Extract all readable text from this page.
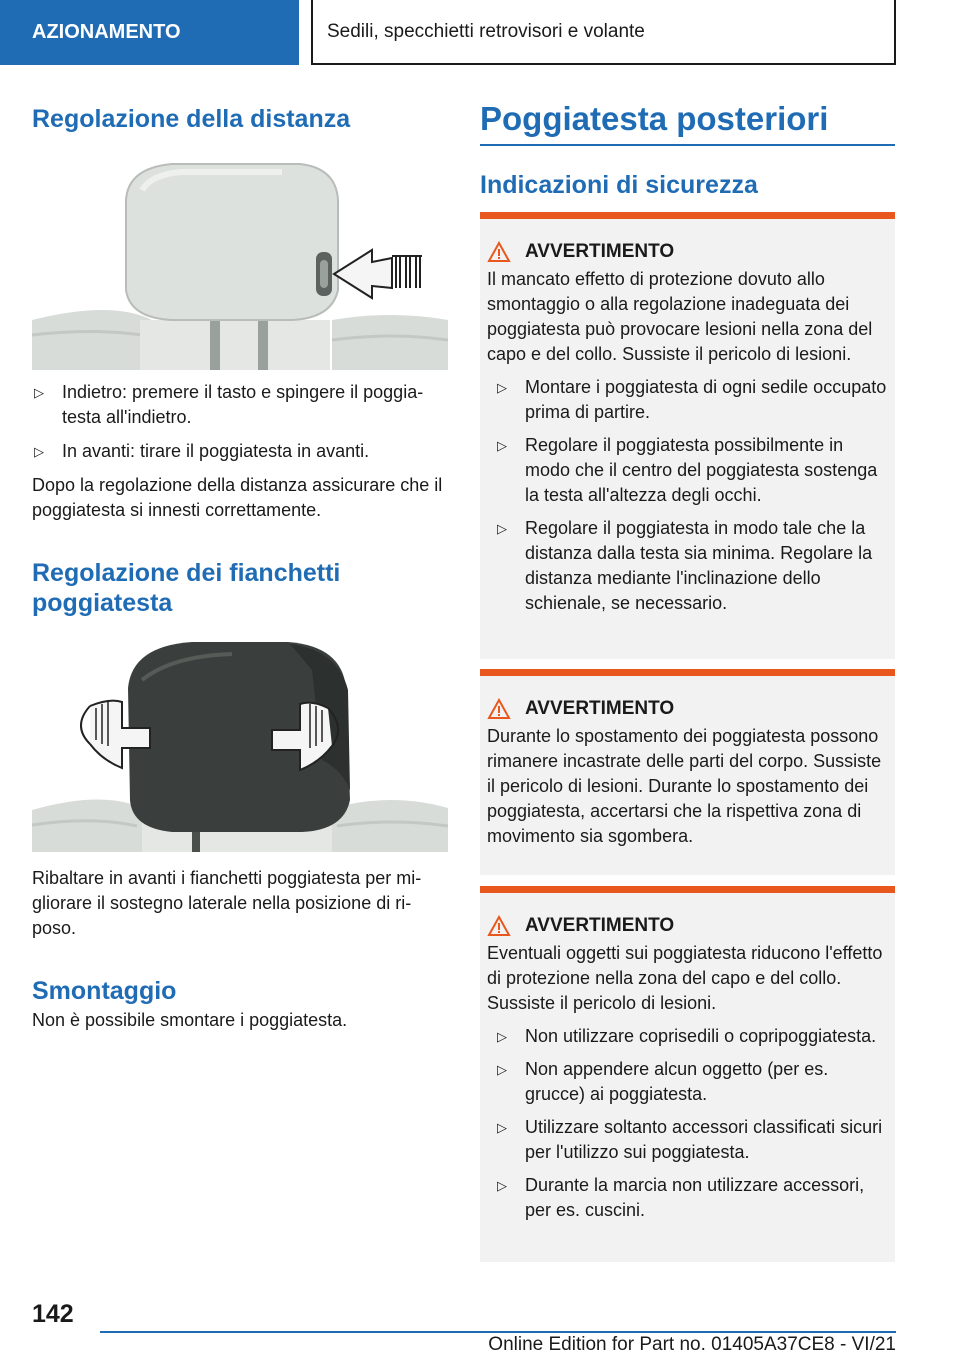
AZIONAMENTO	Sedili, specchietti retrovisori e volante
Regolazione della distanza
▷	Indietro: premere il tasto e spingere il poggiatesta all'indietro.
▷	In avanti: tirare il poggiatesta in avanti.

Dopo la regolazione della distanza assicurare che il poggiatesta si innesti correttamente.

Regolazione dei fianchetti poggiatesta

Ribaltare in avanti i fianchetti poggiatesta per migliorare il sostegno laterale nella posizione di riposo.

Smontaggio

Non è possibile smontare i poggiatesta.

Poggiatesta posteriori
Indicazioni di sicurezza
AVVERTIMENTO

Il mancato effetto di protezione dovuto allo smontaggio o alla regolazione inadeguata dei poggiatesta può provocare lesioni nella zona del capo e del collo. Sussiste il pericolo di lesioni.

▷	Montare i poggiatesta di ogni sedile occupato prima di partire.
▷	Regolare il poggiatesta possibilmente in modo che il centro del poggiatesta sostenga la testa all'altezza degli occhi.
▷	Regolare il poggiatesta in modo tale che la distanza dalla testa sia minima. Regolare la distanza mediante l'inclinazione dello schienale, se necessario.
AVVERTIMENTO

Durante lo spostamento dei poggiatesta possono rimanere incastrate delle parti del corpo. Sussiste il pericolo di lesioni. Durante lo spostamento dei poggiatesta, accertarsi che la rispettiva zona di movimento sia sgombera.

AVVERTIMENTO

Eventuali oggetti sui poggiatesta riducono l'effetto di protezione nella zona del capo e del collo. Sussiste il pericolo di lesioni.

▷	Non utilizzare coprisedili o copripoggiatesta.
▷	Non appendere alcun oggetto (per es. grucce) ai poggiatesta.
▷	Utilizzare soltanto accessori classificati sicuri per l'utilizzo sui poggiatesta.
▷	Durante la marcia non utilizzare accessori, per es. cuscini.
142
Online Edition for Part no. 01405A37CE8 - VI/21
